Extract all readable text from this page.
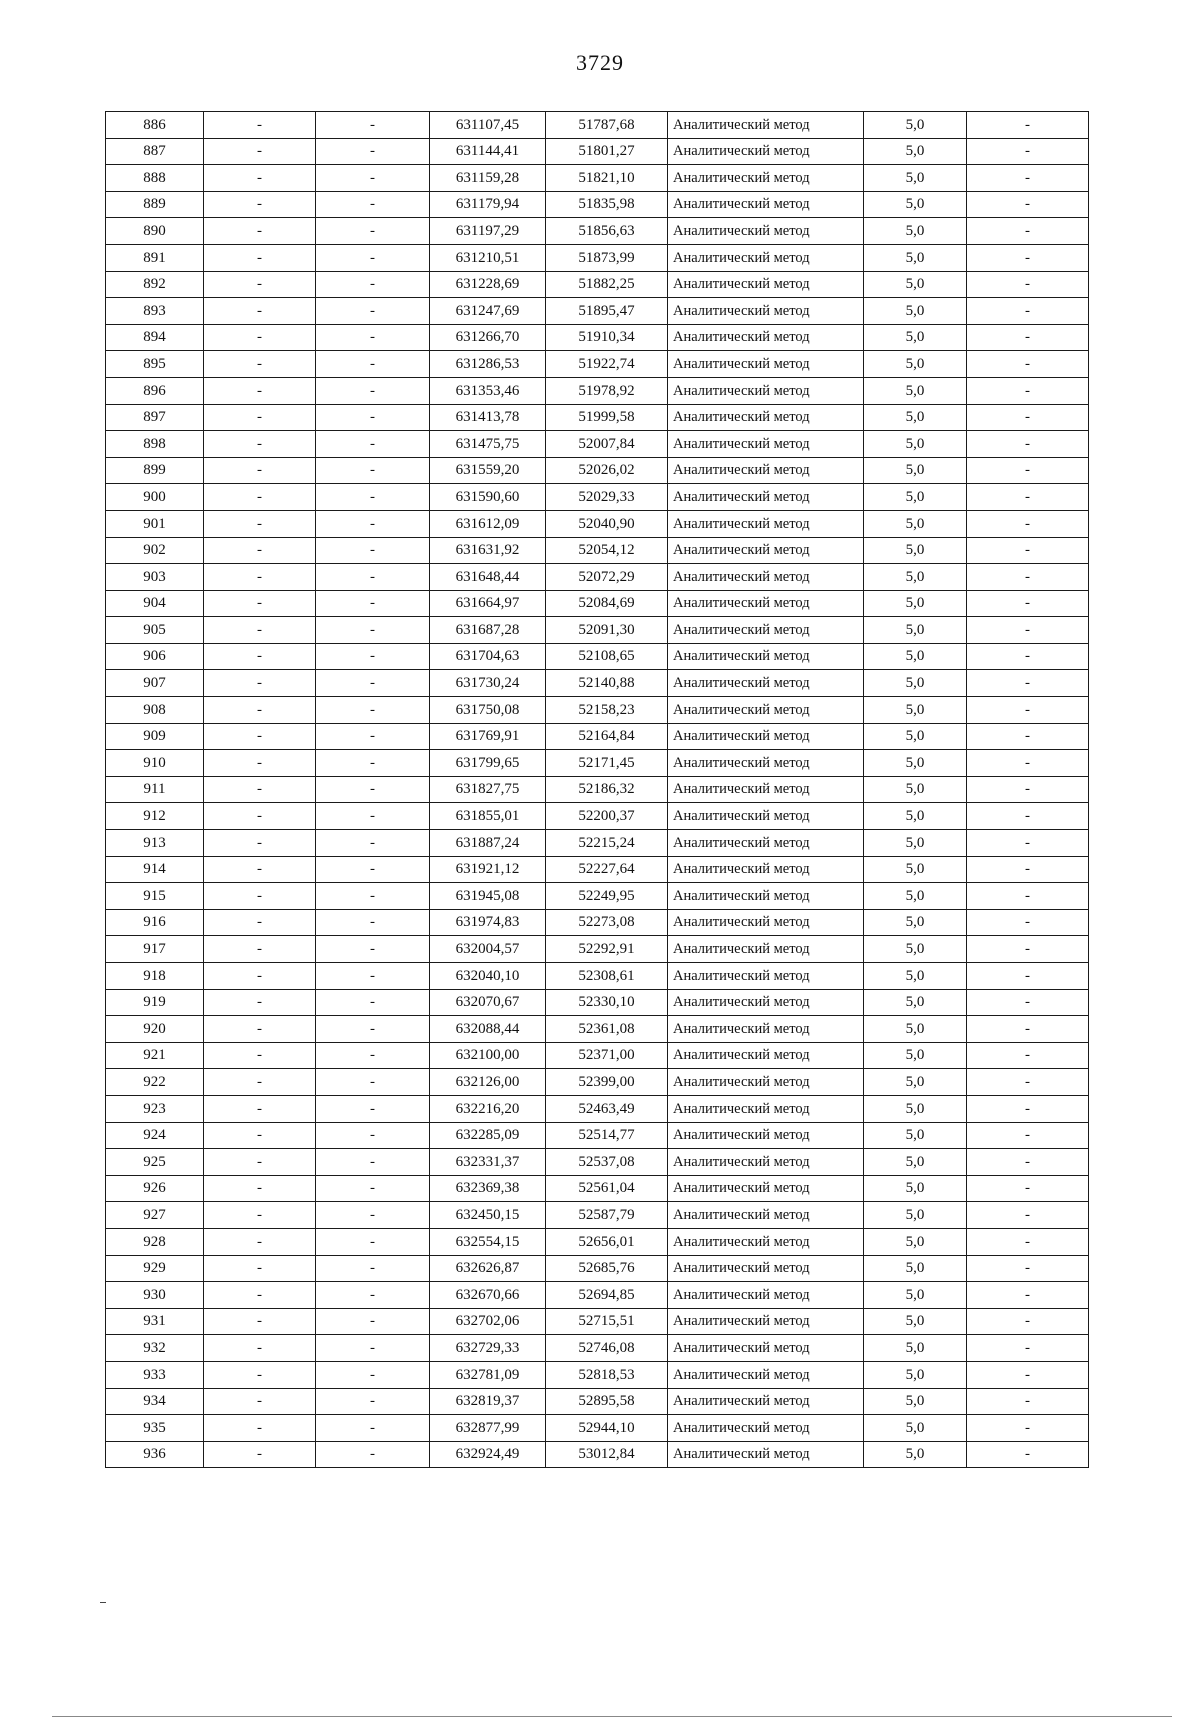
3729
886	-	-	631107,45	51787,68	Аналитический метод	5,0	-
887	-	-	631144,41	51801,27	Аналитический метод	5,0	-
888	-	-	631159,28	51821,10	Аналитический метод	5,0	-
889	-	-	631179,94	51835,98	Аналитический метод	5,0	-
890	-	-	631197,29	51856,63	Аналитический метод	5,0	-
891	-	-	631210,51	51873,99	Аналитический метод	5,0	-
892	-	-	631228,69	51882,25	Аналитический метод	5,0	-
893	-	-	631247,69	51895,47	Аналитический метод	5,0	-
894	-	-	631266,70	51910,34	Аналитический метод	5,0	-
895	-	-	631286,53	51922,74	Аналитический метод	5,0	-
896	-	-	631353,46	51978,92	Аналитический метод	5,0	-
897	-	-	631413,78	51999,58	Аналитический метод	5,0	-
898	-	-	631475,75	52007,84	Аналитический метод	5,0	-
899	-	-	631559,20	52026,02	Аналитический метод	5,0	-
900	-	-	631590,60	52029,33	Аналитический метод	5,0	-
901	-	-	631612,09	52040,90	Аналитический метод	5,0	-
902	-	-	631631,92	52054,12	Аналитический метод	5,0	-
903	-	-	631648,44	52072,29	Аналитический метод	5,0	-
904	-	-	631664,97	52084,69	Аналитический метод	5,0	-
905	-	-	631687,28	52091,30	Аналитический метод	5,0	-
906	-	-	631704,63	52108,65	Аналитический метод	5,0	-
907	-	-	631730,24	52140,88	Аналитический метод	5,0	-
908	-	-	631750,08	52158,23	Аналитический метод	5,0	-
909	-	-	631769,91	52164,84	Аналитический метод	5,0	-
910	-	-	631799,65	52171,45	Аналитический метод	5,0	-
911	-	-	631827,75	52186,32	Аналитический метод	5,0	-
912	-	-	631855,01	52200,37	Аналитический метод	5,0	-
913	-	-	631887,24	52215,24	Аналитический метод	5,0	-
914	-	-	631921,12	52227,64	Аналитический метод	5,0	-
915	-	-	631945,08	52249,95	Аналитический метод	5,0	-
916	-	-	631974,83	52273,08	Аналитический метод	5,0	-
917	-	-	632004,57	52292,91	Аналитический метод	5,0	-
918	-	-	632040,10	52308,61	Аналитический метод	5,0	-
919	-	-	632070,67	52330,10	Аналитический метод	5,0	-
920	-	-	632088,44	52361,08	Аналитический метод	5,0	-
921	-	-	632100,00	52371,00	Аналитический метод	5,0	-
922	-	-	632126,00	52399,00	Аналитический метод	5,0	-
923	-	-	632216,20	52463,49	Аналитический метод	5,0	-
924	-	-	632285,09	52514,77	Аналитический метод	5,0	-
925	-	-	632331,37	52537,08	Аналитический метод	5,0	-
926	-	-	632369,38	52561,04	Аналитический метод	5,0	-
927	-	-	632450,15	52587,79	Аналитический метод	5,0	-
928	-	-	632554,15	52656,01	Аналитический метод	5,0	-
929	-	-	632626,87	52685,76	Аналитический метод	5,0	-
930	-	-	632670,66	52694,85	Аналитический метод	5,0	-
931	-	-	632702,06	52715,51	Аналитический метод	5,0	-
932	-	-	632729,33	52746,08	Аналитический метод	5,0	-
933	-	-	632781,09	52818,53	Аналитический метод	5,0	-
934	-	-	632819,37	52895,58	Аналитический метод	5,0	-
935	-	-	632877,99	52944,10	Аналитический метод	5,0	-
936	-	-	632924,49	53012,84	Аналитический метод	5,0	-
